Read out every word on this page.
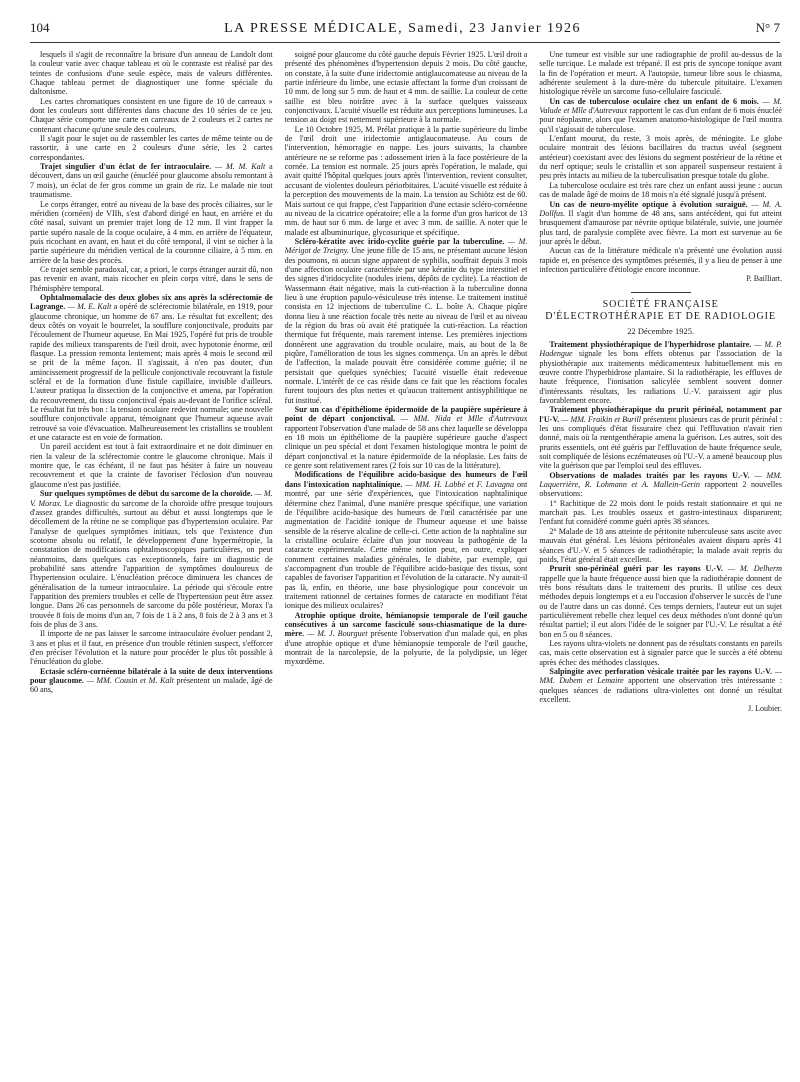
104	LA PRESSE MÉDICALE, Samedi, 23 Janvier 1926	N° 7

lesquels il s'agit de reconnaître la brisure d'un anneau de Landolt dont la couleur varie avec chaque tableau et où le contraste est réalisé par des teintes de confusions d'une seule espèce, mais de valeurs différentes. Chaque tableau permet de diagnostiquer une forme spéciale du daltonisme.

Les cartes chromatiques consistent en une figure de 10 de carreaux » dont les couleurs sont différentes dans chacune des 10 séries de ce jeu. Chaque série comporte une carte en carreaux de 2 couleurs et 2 cartes ne contenant chacune qu'une seule des couleurs.

Il s'agit pour le sujet ou de rassembler les cartes de même teinte ou de rassortir, à une carte en 2 couleurs d'une série, les 2 cartes correspondantes.

Trajet singulier d'un éclat de fer intraoculaire. — M. M. Kalt a découvert, dans un œil gauche (énucléé pour glaucome absolu remontant à 7 mois), un éclat de fer gros comme un grain de riz. Le malade nie tout traumatisme.

Le corps étranger, entré au niveau de la base des procès ciliaires, sur le méridien (cornéen) de VIIh, s'est d'abord dirigé en haut, en arrière et du côté nasal, suivant un premier trajet long de 12 mm. Il vint frapper la partie supéro nasale de la coque oculaire, à 4 mm. en arrière de l'équateur, puis ricochant en avant, en haut et du côté temporal, il vint se nicher à la partie supérieure du méridien vertical de la couronne ciliaire, à 5 mm. en arrière de la base des procès.

Ce trajet semble paradoxal, car, a priori, le corps étranger aurait dû, non pas revenir en avant, mais ricocher en plein corps vitré, dans le sens de l'hémisphère temporal.

Ophtalmomalacie des deux globes six ans après la sclérectomie de Lagrange. — M. E. Kalt a opéré de sclérectomie bilatérale, en 1919, pour glaucome chronique, un homme de 67 ans. Le résultat fut excellent; des deux côtés on voyait le bourrelet, la soufflure conjonctivale, produits par l'écoulement de l'humeur aqueuse. En Mai 1925, l'opéré fut pris de trouble rapide des milieux transparents de l'œil droit, avec hypotonie énorme, œil flasque. La pression remonta lentement; mais après 4 mois le second œil se prit de la même façon. Il s'agissait, à n'en pas douter, d'un amincissement progressif de la pellicule conjonctivale recouvrant la fistule scléral et de la formation d'une fistule capillaire, invisible d'ailleurs. L'auteur pratiqua la dissection de la conjonctive et amena, par l'opération du recouvrement, du tissu conjonctival épais au-devant de l'orifice scléral. Le résultat fut très bon : la tension oculaire redevint normale; une nouvelle soufflure conjonctivale apparut, témoignant que l'humeur aqueuse avait retrouvé sa voie d'évacuation. Malheureusement les cristallins se troublent et une cataracte est en voie de formation.

Un pareil accident est tout à fait extraordinaire et ne doit diminuer en rien la valeur de la sclérectomie contre le glaucome chronique. Mais il montre que, le cas échéant, il ne faut pas hésiter à faire un nouveau recouvrement et que la crainte de favoriser l'éclosion d'un nouveau glaucome n'est pas justifiée.

Sur quelques symptômes de début du sarcome de la choroïde. — M. V. Morax. Le diagnostic du sarcome de la choroïde offre presque toujours d'assez grandes difficultés, surtout au début et aussi longtemps que le décollement de la rétine ne se complique pas d'hypertension oculaire. Par l'analyse de quelques symptômes initiaux, tels que l'existence d'un scotome absolu ou relatif, le développement d'une hypermétropie, la constatation de modifications ophtalmoscopiques particulières, on peut néanmoins, dans quelques cas exceptionnels, faire un diagnostic de probabilité sans attendre l'apparition de symptômes douloureux de l'hypertension oculaire. L'énucléation précoce diminuera les chances de généralisation de la tumeur intraoculaire. La période qui s'écoule entre l'apparition des premiers troubles et celle de l'hypertension peut être assez longue. Dans 26 cas personnels de sarcome du pôle postérieur, Morax l'a trouvée 8 fois de moins d'un an, 7 fois de 1 à 2 ans, 8 fois de 2 à 3 ans et 3 fois de plus de 3 ans.

Il importe de ne pas laisser le sarcome intraoculaire évoluer pendant 2, 3 ans et plus et il faut, en présence d'un trouble rétinien suspect, s'efforcer d'en préciser l'évolution et la nature pour procéder le plus tôt possible à l'énucléation du globe.

Ectasie scléro-cornéenne bilatérale à la suite de deux interventions pour glaucome. — MM. Cousin et M. Kalt présentent un malade, âgé de 60 ans,

soigné pour glaucome du côté gauche depuis Février 1925. L'œil droit a présenté des phénomènes d'hypertension depuis 2 mois. Du côté gauche, on constate, à la suite d'une iridectomie antiglaucomateuse au niveau de la partie inférieure du limbe, une ectasie affectant la forme d'un croissant de 10 mm. de long sur 5 mm. de haut et 4 mm. de saillie. La couleur de cette saillie est bleu noirâtre avec à la surface quelques vaisseaux conjonctivaux. L'acuité visuelle est réduite aux perceptions lumineuses. La tension au doigt est nettement supérieure à la normale.

Le 10 Octobre 1925, M. Prélat pratique à la partie supérieure du limbe de l'œil droit une iridectomie antiglaucomateuse. Au cours de l'intervention, hémorragie en nappe. Les jours suivants, la chambre antérieure ne se reforme pas : adossement irien à la face postérieure de la cornée. La tension est normale. 25 jours après l'opération, le malade, qui avait quitté l'hôpital quelques jours après l'intervention, revient consulter, accusant de violentes douleurs périorbitaires. L'acuité visuelle est réduite à la perception des mouvements de la main. La tension au Schiötz est de 60. Mais surtout ce qui frappe, c'est l'apparition d'une ectasie scléro-cornéenne au niveau de la cicatrice opératoire; elle a la forme d'un gros haricot de 13 mm. de haut sur 6 mm. de large et avec 3 mm. de saillie. A noter que le malade est albuminurique, glycosurique et spécifique.

Scléro-kératite avec irido-cyclite guérie par la tuberculine. — M. Mérigot de Treigny. Une jeune fille de 15 ans, ne présentant aucune lésion des poumons, ni aucun signe apparent de syphilis, souffrait depuis 3 mois d'une affection oculaire caractérisée par une kératite du type interstitiel et des signes d'iridocyclite (nodules iriens, dépôts de cyclite). La réaction de Wassermann était négative, mais la cuti-réaction à la tuberculine donna lieu à une éruption papulo-vésiculeuse très intense. Le traitement institué consista en 12 injections de tuberculine C. L. boîte A. Chaque piqûre donna lieu à une réaction focale très nette au niveau de l'œil et au niveau de la région du bras où avait été pratiquée la cuti-réaction. La réaction thermique fut fréquente, mais rarement intense. Les premières injections donnèrent une aggravation du trouble oculaire, mais, au bout de la 8e piqûre, l'amélioration de tous les signes commença. Un an après le début de l'affection, la malade pouvait être considérée comme guérie; il ne persistait que quelques synéchies; l'acuité visuelle était redevenue normale. L'intérêt de ce cas réside dans ce fait que les réactions focales furent toujours des plus nettes et qu'aucun traitement antisyphilitique ne fut institué.

Sur un cas d'épithéliome épidermoïde de la paupière supérieure à point de départ conjonctival. — MM. Nida et Mlle d'Autrevaux rapportent l'observation d'une malade de 58 ans chez laquelle se développa en 18 mois un épithéliome de la paupière supérieure gauche d'aspect clinique un peu spécial et dont l'examen histologique montra le point de départ conjonctival et la nature épidermoïde de la néoplasie. Les faits de ce genre sont relativement rares (2 fois sur 10 cas de la littérature).

Modifications de l'équilibre acido-basique des humeurs de l'œil dans l'intoxication naphtalinique. — MM. H. Labbé et F. Lavagna ont montré, par une série d'expériences, que l'intoxication naphtalinique détermine chez l'animal, d'une manière presque spécifique, une variation de l'équilibre acido-basique des humeurs de l'œil caractérisée par une augmentation de l'acidité ionique de l'humeur aqueuse et une baisse sensible de la réserve alcaline de celle-ci. Cette action de la naphtaline sur la cristalline oculaire éclaire d'un jour nouveau la pathogénie de la cataracte expérimentale. Cette même notion peut, en outre, expliquer comment certaines maladies générales, le diabète, par exemple, qui s'accompagnent d'un trouble de l'équilibre acido-basique des tissus, sont capables de favoriser l'apparition et l'évolution de la cataracte. N'y aurait-il pas là, enfin, en théorie, une base physiologique pour concevoir un traitement rationnel de certaines formes de cataracte en modifiant l'état ionique des milieux oculaires?

Atrophie optique droite, hémianopsie temporale de l'œil gauche consécutives à un sarcome fasciculé sous-chiasmatique de la dure-mère. — M. J. Bourguet présente l'observation d'un malade qui, en plus d'une atrophie optique et d'une hémianopsie temporale de l'œil gauche, montrait de la narcolepsie, de la polyurie, de la polydipsie, un léger myxœdème.

Une tumeur est visible sur une radiographie de profil au-dessus de la selle turcique. Le malade est trépané. Il est pris de syncope tonique avant la fin de l'opération et meurt. A l'autopsie, tumeur libre sous le chiasma, adhérente seulement à la dure-mère du tubercule pituitaire. L'examen histologique révèle un sarcome fuso-cellulaire fasciculé.

Un cas de tuberculose oculaire chez un enfant de 6 mois. — M. Valude et Mlle d'Autrevaux rapportent le cas d'un enfant de 6 mois énucléé pour néoplasme, alors que l'examen anatomo-histologique de l'œil montra qu'il s'agissait de tuberculose.

L'enfant mourut, du reste, 3 mois après, de méningite. Le globe oculaire montrait des lésions bacillaires du tractus uvéal (segment antérieur) coexistant avec des lésions du segment postérieur de la rétine et du nerf optique; seuls le cristallin et son appareil suspenseur restaient à peu près intacts au milieu de la tuberculisation presque totale du globe.

La tuberculose oculaire est très rare chez un enfant aussi jeune : aucun cas de malade âgé de moins de 18 mois n'a été signalé jusqu'à présent.

Un cas de neuro-myélite optique à évolution suraiguë. — M. A. Dollfus. Il s'agit d'un homme de 48 ans, sans antécédent, qui fut atteint brusquement d'amaurose par névrite optique bilatérale, suivie, une journée plus tard, de paralysie complète avec fièvre. La mort est survenue au 6e jour après le début.

Aucun cas de la littérature médicale n'a présenté une évolution aussi rapide et, en présence des symptômes présentés, il y a lieu de penser à une infection particulière d'étiologie encore inconnue.

P. Bailliart.

SOCIÉTÉ FRANÇAISE
D'ÉLECTROTHÉRAPIE ET DE RADIOLOGIE
22 Décembre 1925.

Traitement physiothérapique de l'hyperhidrose plantaire. — M. P. Hadengue signale les bons effets obtenus par l'association de la physiothérapie aux traitements médicamenteux habituellement mis en œuvre contre l'hyperhidrose plantaire. Si la radiothérapie, les effluves de haute fréquence, l'ionisation salicylée semblent souvent donner d'intéressants résultats, les radiations U.-V. paraissent agir plus favorablement encore.

Traitement physiothérapique du prurit périnéal, notamment par l'U-V. — MM. Fraikin et Burill présentent plusieurs cas de prurit périnéal : les uns compliqués d'état fissuraire chez qui l'effluvation n'avait rien donné, mais où la rœntgenthérapie amena la guérison. Les autres, soit des prurits essentiels, ont été guéris par l'effluvation de haute fréquence seule, soit compliquée de lésions eczémateuses où l'U.-V. a amené beaucoup plus vite la guérison que par l'emploi seul des effluves.

Observations de malades traités par les rayons U.-V. — MM. Laquerrière, R. Lohmann et A. Mallein-Gerin rapportent 2 nouvelles observations:

1° Rachitique de 22 mois dont le poids restait stationnaire et qui ne marchait pas. Les troubles osseux et gastro-intestinaux disparurent; l'enfant fut considéré comme guéri après 38 séances.

2° Malade de 18 ans atteinte de péritonite tuberculeuse sans ascite avec mauvais état général. Les lésions péritonéales avaient disparu après 41 séances d'U.-V. et 5 séances de radiothérapie; la malade avait repris du poids, l'état général était excellent.

Prurit sno-périnéal guéri par les rayons U.-V. — M. Delherm rappelle que la haute fréquence aussi bien que la radiothérapie donnent de très bons résultats dans le traitement des prurits. Il utilise ces deux méthodes depuis longtemps et a eu l'occasion d'observer le succès de l'une ou de l'autre dans un cas donné. Ces temps derniers, l'auteur eut un sujet particulièrement rebelle chez lequel ces deux méthodes n'ont donné qu'un résultat partiel; il eut alors l'idée de le soigner par l'U.-V. Le résultat a été bon en 5 ou 8 séances.

Les rayons ultra-violets ne donnent pas de résultats constants en pareils cas, mais cette observation est à signaler parce que le succès a été obtenu après échec des méthodes classiques.

Salpingite avec perforation vésicale traitée par les rayons U.-V. — MM. Dubem et Lemaire apportent une observation très intéressante : quelques séances de radiations ultra-violettes ont donné un résultat excellent.

J. Loubier.
